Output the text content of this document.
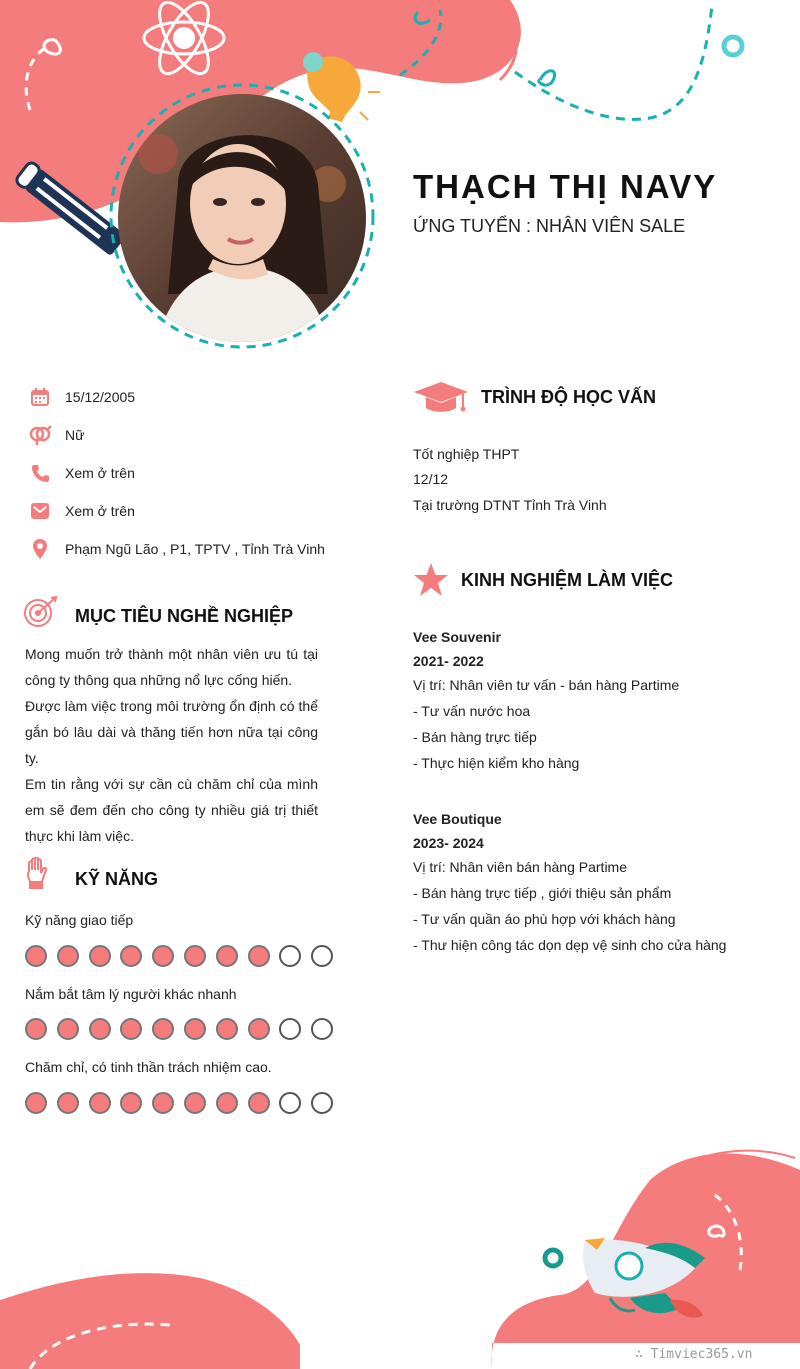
THẠCH THỊ NAVY
ỨNG TUYỂN : NHÂN VIÊN SALE
15/12/2005
Nữ
Xem ở trên
Xem ở trên
Phạm Ngũ Lão , P1, TPTV , Tỉnh Trà Vinh
MỤC TIÊU NGHỀ NGHIỆP

Mong muốn trở thành một nhân viên ưu tú tại công ty thông qua những nổ lực cống hiến.

Được làm việc trong môi trường ổn định có thể gắn bó lâu dài và thăng tiến hơn nữa tại công ty.

Em tin rằng với sự cần cù chăm chỉ của mình em sẽ đem đến cho công ty nhiều giá trị thiết thực khi làm việc.

KỸ NĂNG
Kỹ năng giao tiếp
Nắm bắt tâm lý người khác nhanh
Chăm chỉ, có tinh thần trách nhiệm cao.
TRÌNH ĐỘ HỌC VẤN
Tốt nghiệp THPT
12/12
Tại trường DTNT Tỉnh Trà Vinh
KINH NGHIỆM LÀM VIỆC
Vee Souvenir
2021- 2022
Vị trí: Nhân viên tư vấn - bán hàng Partime
- Tư vấn nước hoa
- Bán hàng trực tiếp
- Thực hiện kiểm kho hàng
Vee Boutique
2023- 2024
Vị trí: Nhân viên bán hàng Partime
- Bán hàng trực tiếp , giới thiệu sản phẩm
- Tư vấn quần áo phù hợp với khách hàng
- Thư hiện công tác dọn dẹp vệ sinh cho cửa hàng
∴ Timviec365.vn
